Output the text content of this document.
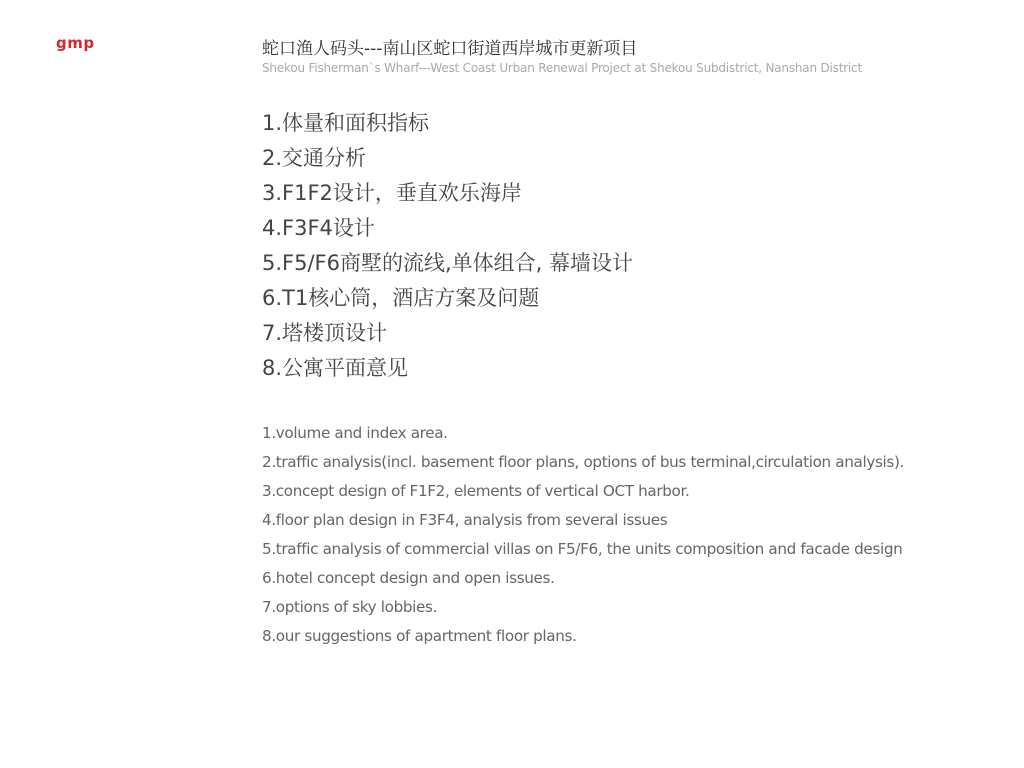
gmp	蛇口渔人码头---南山区蛇口街道西岸城市更新项目
Shekou Fisherman`s Wharf---West Coast Urban Renewal Project at Shekou Subdistrict, Nanshan District
1.体量和面积指标
2.交通分析
3.F1F2设计，垂直欢乐海岸
4.F3F4设计
5.F5/F6商墅的流线,单体组合, 幕墙设计
6.T1核心筒，酒店方案及问题
7.塔楼顶设计
8.公寓平面意见
1.volume and index area.
2.traffic analysis(incl. basement floor plans, options of bus terminal,circulation analysis).
3.concept design of F1F2, elements of vertical OCT harbor.
4.floor plan design in F3F4, analysis from several issues
5.traffic analysis of commercial villas on F5/F6, the units composition and facade design
6.hotel concept design and open issues.
7.options of sky lobbies.
8.our suggestions of apartment floor plans.
